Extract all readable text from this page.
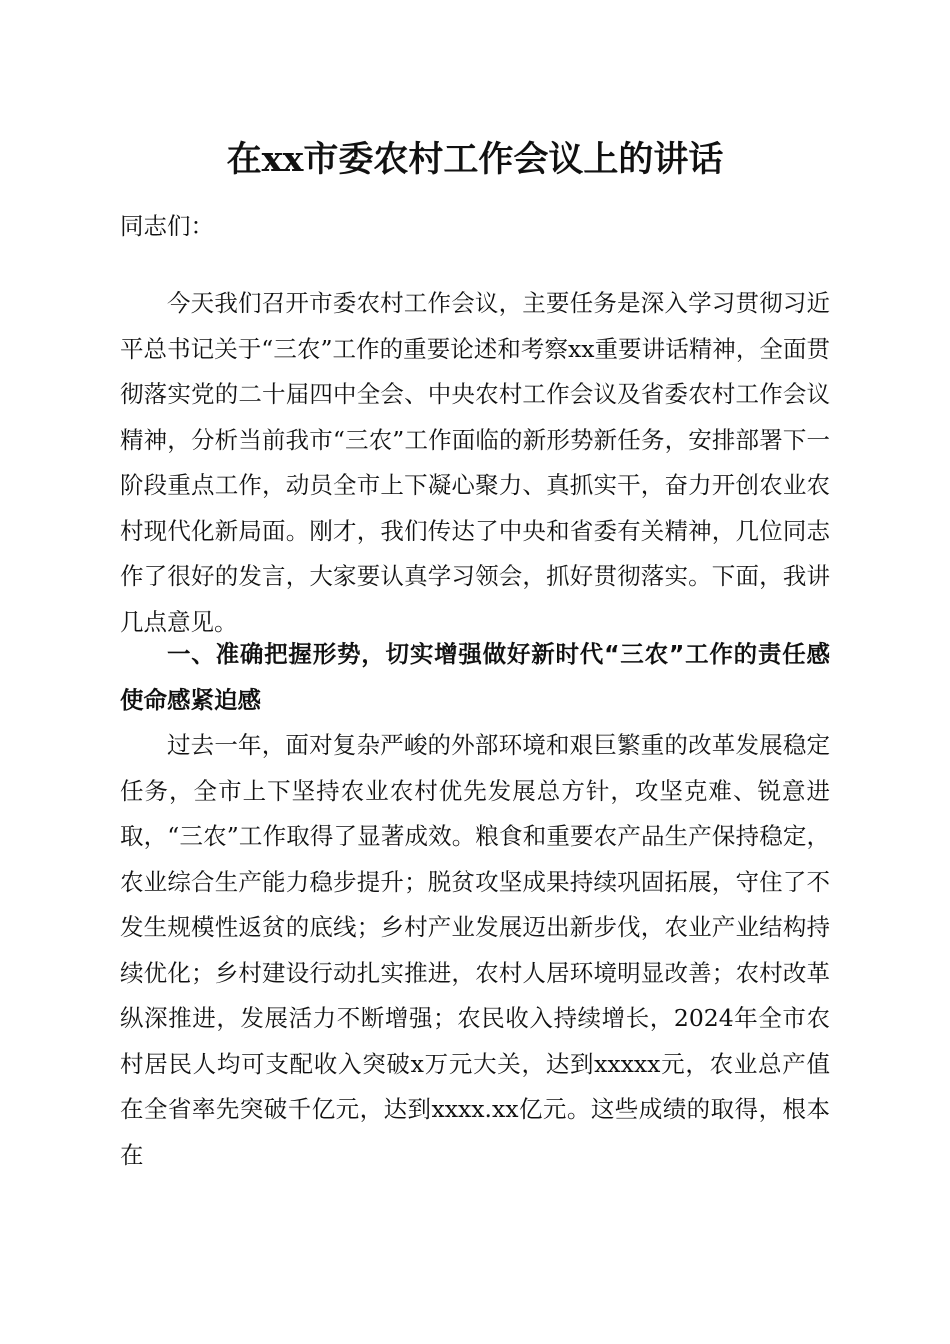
在xx市委农村工作会议上的讲话

同志们：

今天我们召开市委农村工作会议，主要任务是深入学习贯彻习近平总书记关于“三农”工作的重要论述和考察xx重要讲话精神，全面贯彻落实党的二十届四中全会、中央农村工作会议及省委农村工作会议精神，分析当前我市“三农”工作面临的新形势新任务，安排部署下一阶段重点工作，动员全市上下凝心聚力、真抓实干，奋力开创农业农村现代化新局面。刚才，我们传达了中央和省委有关精神，几位同志作了很好的发言，大家要认真学习领会，抓好贯彻落实。下面，我讲几点意见。

一、准确把握形势，切实增强做好新时代“三农”工作的责任感使命感紧迫感

过去一年，面对复杂严峻的外部环境和艰巨繁重的改革发展稳定任务，全市上下坚持农业农村优先发展总方针，攻坚克难、锐意进取，“三农”工作取得了显著成效。粮食和重要农产品生产保持稳定，农业综合生产能力稳步提升；脱贫攻坚成果持续巩固拓展，守住了不发生规模性返贫的底线；乡村产业发展迈出新步伐，农业产业结构持续优化；乡村建设行动扎实推进，农村人居环境明显改善；农村改革纵深推进，发展活力不断增强；农民收入持续增长，2024年全市农村居民人均可支配收入突破x万元大关，达到xxxxx元，农业总产值在全省率先突破千亿元，达到xxxx.xx亿元。这些成绩的取得，根本在
